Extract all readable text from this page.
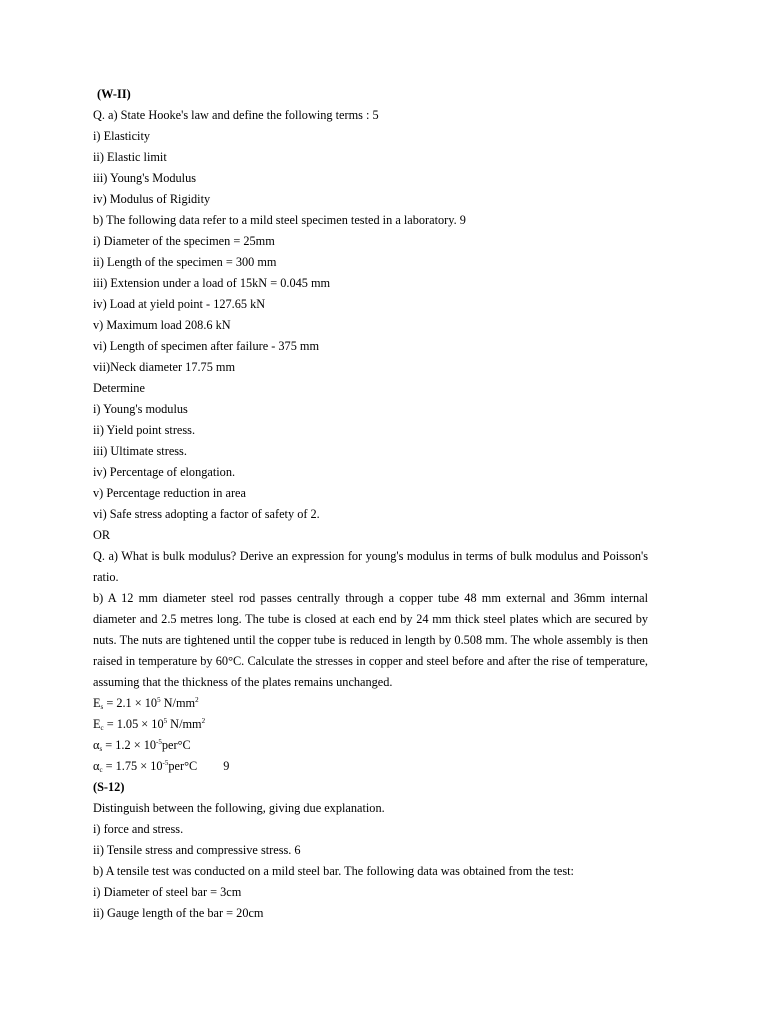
(W-II)
Q. a) State Hooke's law and define the following terms : 5
i) Elasticity
ii) Elastic limit
iii) Young's Modulus
iv) Modulus of Rigidity
b) The following data refer to a mild steel specimen tested in a laboratory. 9
i) Diameter of the specimen = 25mm
ii) Length of the specimen = 300 mm
iii) Extension under a load of 15kN = 0.045 mm
iv) Load at yield point - 127.65 kN
v) Maximum load 208.6 kN
vi) Length of specimen after failure - 375 mm
vii)Neck diameter 17.75 mm
Determine
i) Young's modulus
ii) Yield point stress.
iii) Ultimate stress.
iv) Percentage of elongation.
v) Percentage reduction in area
vi) Safe stress adopting a factor of safety of 2.
OR
Q. a) What is bulk modulus? Derive an expression for young's modulus in terms of bulk modulus and Poisson's
ratio.
b) A 12 mm diameter steel rod passes centrally through a copper tube 48 mm external and 36mm internal
diameter and 2.5 metres long. The tube is closed at each end by 24 mm thick steel plates which are secured by
nuts. The nuts are tightened until the copper tube is reduced in length by 0.508 mm. The whole assembly is then
raised in temperature by 60°C. Calculate the stresses in copper and steel before and after the rise of temperature,
assuming that the thickness of the plates remains unchanged.
$E_s = 2.1 \times 10^5$ $N/mm^2$
$E_c = 1.05 \times 10^5$ $N/mm^2$
$\alpha_s = 1.2 \times 10^{-5}per^\circ C$
$\alpha_c = 1.75 \times 10^{-5}per^\circ C$ 9
(S-12)
Distinguish between the following, giving due explanation.
i) force and stress.
ii) Tensile stress and compressive stress. 6
b) A tensile test was conducted on a mild steel bar. The following data was obtained from the test:
i) Diameter of steel bar = 3cm
ii) Gauge length of the bar = 20cm
